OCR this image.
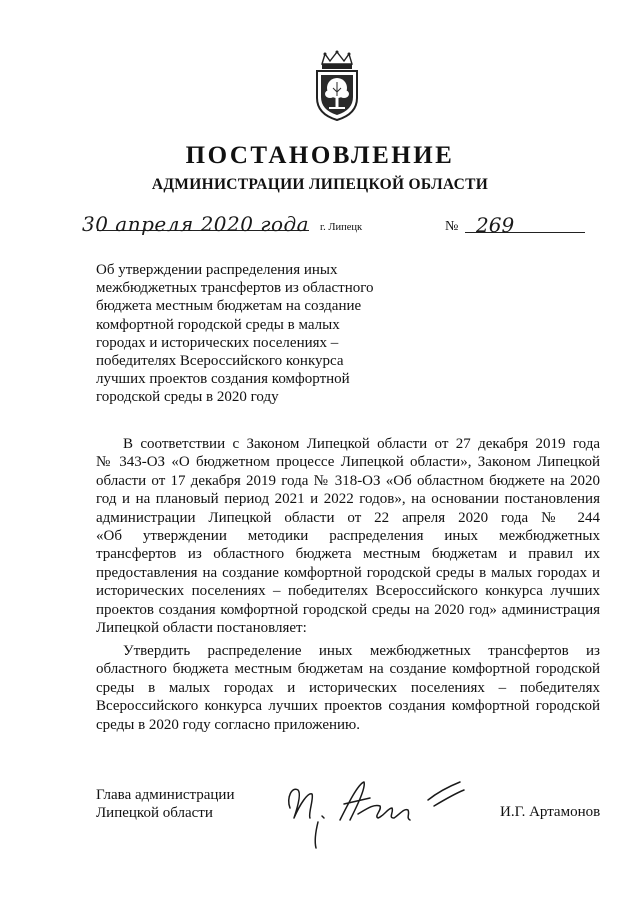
ПОСТАНОВЛЕНИЕ
АДМИНИСТРАЦИИ ЛИПЕЦКОЙ ОБЛАСТИ
30 апреля 2020 года г. Липецк	№ 269
Об утверждении распределения иных
межбюджетных трансфертов из областного
бюджета местным бюджетам на создание
комфортной городской среды в малых
городах и исторических поселениях –
победителях Всероссийского конкурса
лучших проектов создания комфортной
городской среды в 2020 году
В соответствии с Законом Липецкой области от 27 декабря 2019 года
№ 343-ОЗ «О бюджетном процессе Липецкой области», Законом Липецкой
области от 17 декабря 2019 года № 318-ОЗ «Об областном бюджете на 2020
год и на плановый период 2021 и 2022 годов», на основании постановления
администрации Липецкой области от 22 апреля 2020 года № 244
«Об утверждении методики распределения иных межбюджетных
трансфертов из областного бюджета местным бюджетам и правил их
предоставления на создание комфортной городской среды в малых городах и
исторических поселениях – победителях Всероссийского конкурса лучших
проектов создания комфортной городской среды на 2020 год» администрация
Липецкой области постановляет:
Утвердить распределение иных межбюджетных трансфертов из
областного бюджета местным бюджетам на создание комфортной городской
среды в малых городах и исторических поселениях – победителях
Всероссийского конкурса лучших проектов создания комфортной городской
среды в 2020 году согласно приложению.
Глава администрации
Липецкой области	И.Г. Артамонов
